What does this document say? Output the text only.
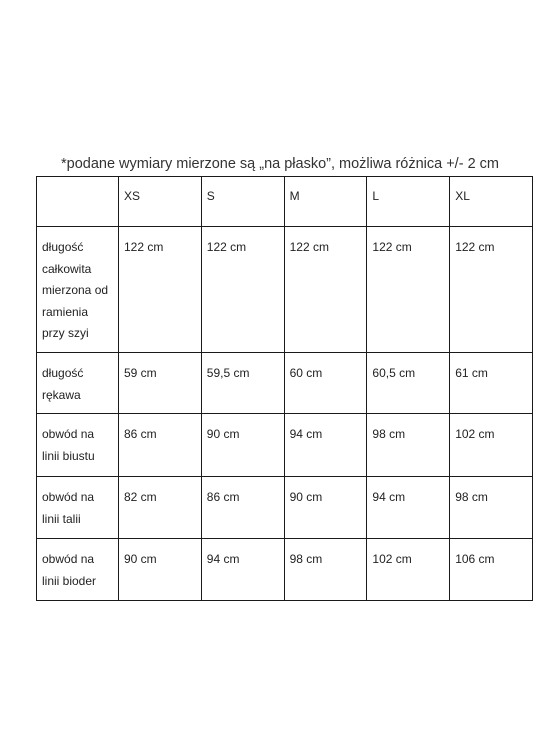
*podane wymiary mierzone są „na płasko”, możliwa różnica +/- 2 cm
	XS	S	M	L	XL
długość całkowita mierzona od ramienia przy szyi	122 cm	122 cm	122 cm	122 cm	122 cm
długość rękawa	59 cm	59,5 cm	60 cm	60,5 cm	61 cm
obwód na linii biustu	86 cm	90 cm	94 cm	98 cm	102 cm
obwód na linii talii	82 cm	86 cm	90 cm	94 cm	98 cm
obwód na linii bioder	90 cm	94 cm	98 cm	102 cm	106 cm
